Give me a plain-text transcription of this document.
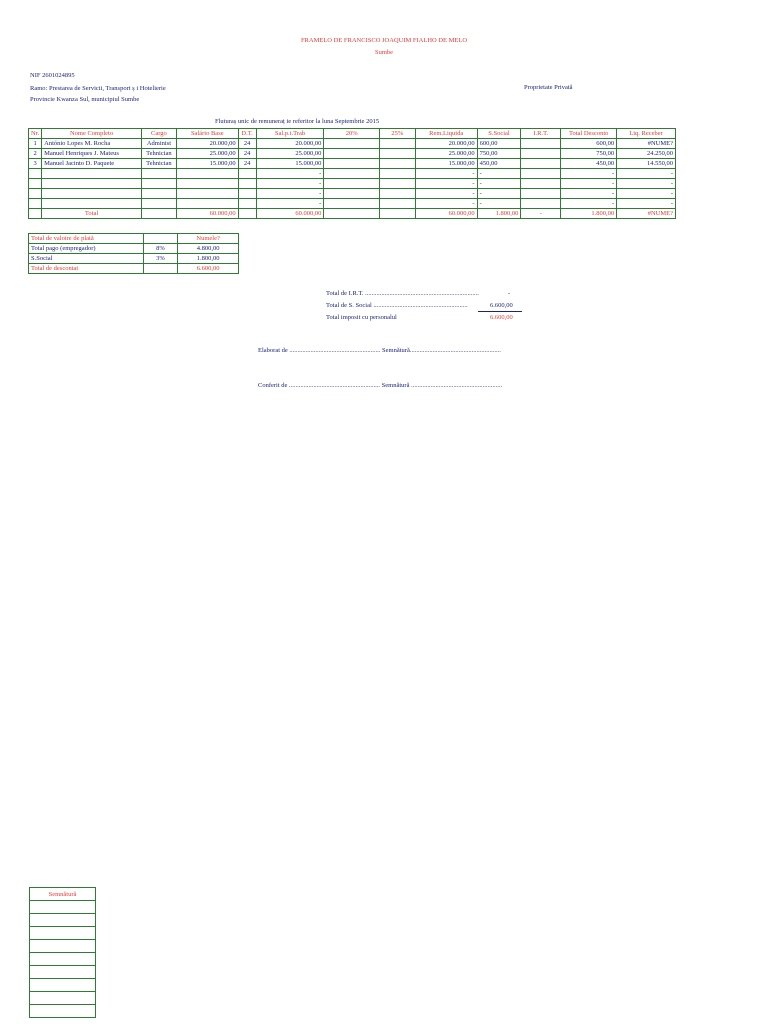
FRAMELO DE FRANCISCO JOAQUIM FIALHO DE MELO
Sumbe
NIF 2601024895
Ramo: Prestarea de Servicii, Transport ș i Hotelierie
Provincie Kwanza Sul, municipiul Sumbe
Proprietate Privată
Fluturaș unic de remuneraț ie referitor la luna Septembrie 2015
Nr.	Nome Completo	Cargo	Salário Base	D.T.	Sal.p.t.Trab	20%	25%	Rem.Liquida	S.Social	I.R.T.	Total Desconto	Liq. Receber
1	António Lopes M. Rocha	Administ	20.000,00	24	20.000,00			20.000,00	600,00		600,00	#NUME?
2	Manuel Henriques J. Mateus	Tehnician	25.000,00	24	25.000,00			25.000,00	750,00		750,00	24.250,00
3	Manuel Jacinto D. Paquete	Tehnician	15.000,00	24	15.000,00			15.000,00	450,00		450,00	14.550,00
					-			-	-		-	-
					-			-	-		-	-
					-			-	-		-	-
					-			-	-		-	-
	Total		60.000,00		60.000,00			60.000,00	1.800,00	-	1.800,00	#NUME?
Total de valoire de plată		Numele?
Total pago (empregador)	8%	4.800,00
S.Social	3%	1.800,00
Total de descontat		6.600,00
Total de I.R.T. ......................................................................	-
Total de S. Social ..........................................................	6.600,00
Total imposit cu personalul	6.600,00
Elaborat de ........................................................ Semnătură........................................................
Conferit de ........................................................ Semnătură ........................................................
Semnătură
